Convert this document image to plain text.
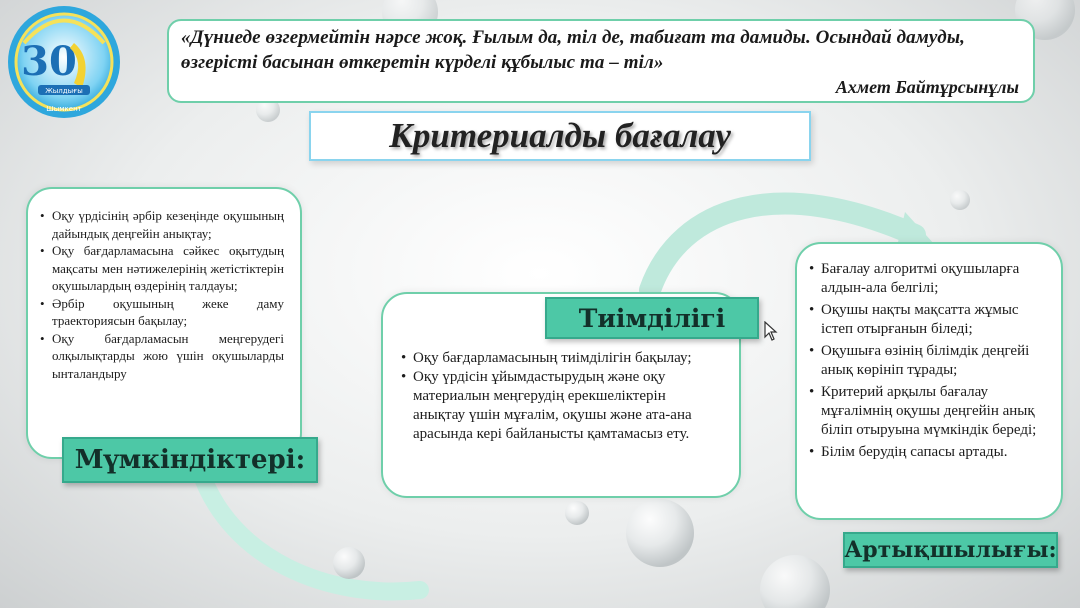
30
Жылдығы
Шымкент
«Дүниеде өзгермейтін нәрсе жоқ. Ғылым да, тіл де, табиғат та дамиды. Осындай дамуды, өзгерісті басынан өткеретін күрделі құбылыс та – тіл»
Ахмет Байтұрсынұлы
Критериалды бағалау
• Оқу үрдісінің әрбір кезеңінде оқушының дайындық деңгейін анықтау;
• Оқу бағдарламасына сәйкес оқытудың мақсаты мен нәтижелерінің жетістіктерін оқушылардың өздерінің талдауы;
• Әрбір оқушының жеке даму траекториясын бақылау;
• Оқу бағдарламасын меңгерудегі олқылықтарды жою үшін оқушыларды ынталандыру
Мүмкіндіктері:
• Оқу бағдарламасының тиімділігін бақылау;
• Оқу үрдісін ұйымдастырудың және оқу материалын меңгерудің ерекшеліктерін анықтау үшін мұғалім, оқушы және ата-ана арасында кері байланысты қамтамасыз ету.
Тиімділігі
• Бағалау алгоритмі оқушыларға алдын-ала белгілі;
• Оқушы нақты мақсатта жұмыс істеп отырғанын біледі;
• Оқушыға өзінің білімдік деңгейі анық көрініп тұрады;
• Критерий арқылы бағалау мұғалімнің оқушы деңгейін анық біліп отыруына мүмкіндік береді;
• Білім берудің сапасы артады.
Артықшылығы:
